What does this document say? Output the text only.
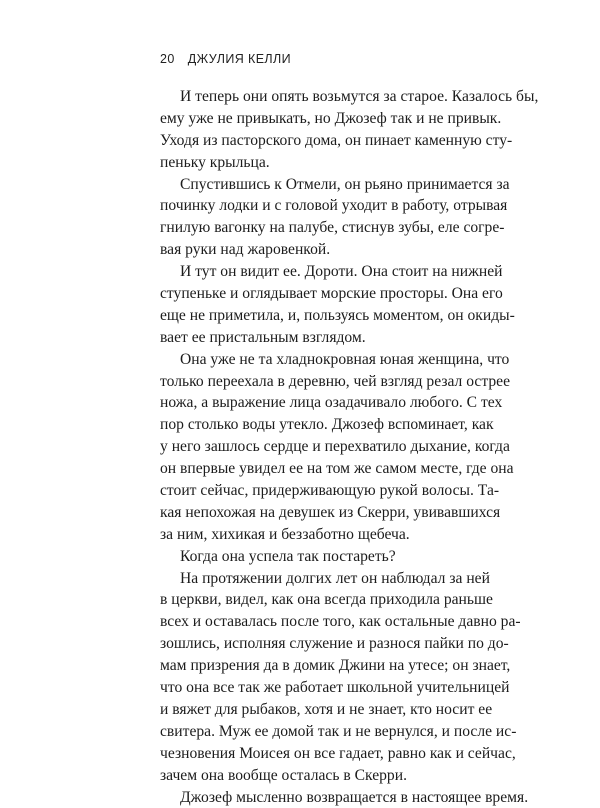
20 ДЖУЛИЯ КЕЛЛИ
И теперь они опять возьмутся за старое. Казалось бы,
ему уже не привыкать, но Джозеф так и не привык.
Уходя из пасторского дома, он пинает каменную сту-
пеньку крыльца.
Спустившись к Отмели, он рьяно принимается за
починку лодки и с головой уходит в работу, отрывая
гнилую вагонку на палубе, стиснув зубы, еле согре-
вая руки над жаровенкой.
И тут он видит ее. Дороти. Она стоит на нижней
ступеньке и оглядывает морские просторы. Она его
еще не приметила, и, пользуясь моментом, он окиды-
вает ее пристальным взглядом.
Она уже не та хладнокровная юная женщина, что
только переехала в деревню, чей взгляд резал острее
ножа, а выражение лица озадачивало любого. С тех
пор столько воды утекло. Джозеф вспоминает, как
у него зашлось сердце и перехватило дыхание, когда
он впервые увидел ее на том же самом месте, где она
стоит сейчас, придерживающую рукой волосы. Та-
кая непохожая на девушек из Скерри, увивавшихся
за ним, хихикая и беззаботно щебеча.
Когда она успела так постареть?
На протяжении долгих лет он наблюдал за ней
в церкви, видел, как она всегда приходила раньше
всех и оставалась после того, как остальные давно ра-
зошлись, исполняя служение и разнося пайки по до-
мам призрения да в домик Джини на утесе; он знает,
что она все так же работает школьной учительницей
и вяжет для рыбаков, хотя и не знает, кто носит ее
свитера. Муж ее домой так и не вернулся, и после ис-
чезновения Моисея он все гадает, равно как и сейчас,
зачем она вообще осталась в Скерри.
Джозеф мысленно возвращается в настоящее время.
